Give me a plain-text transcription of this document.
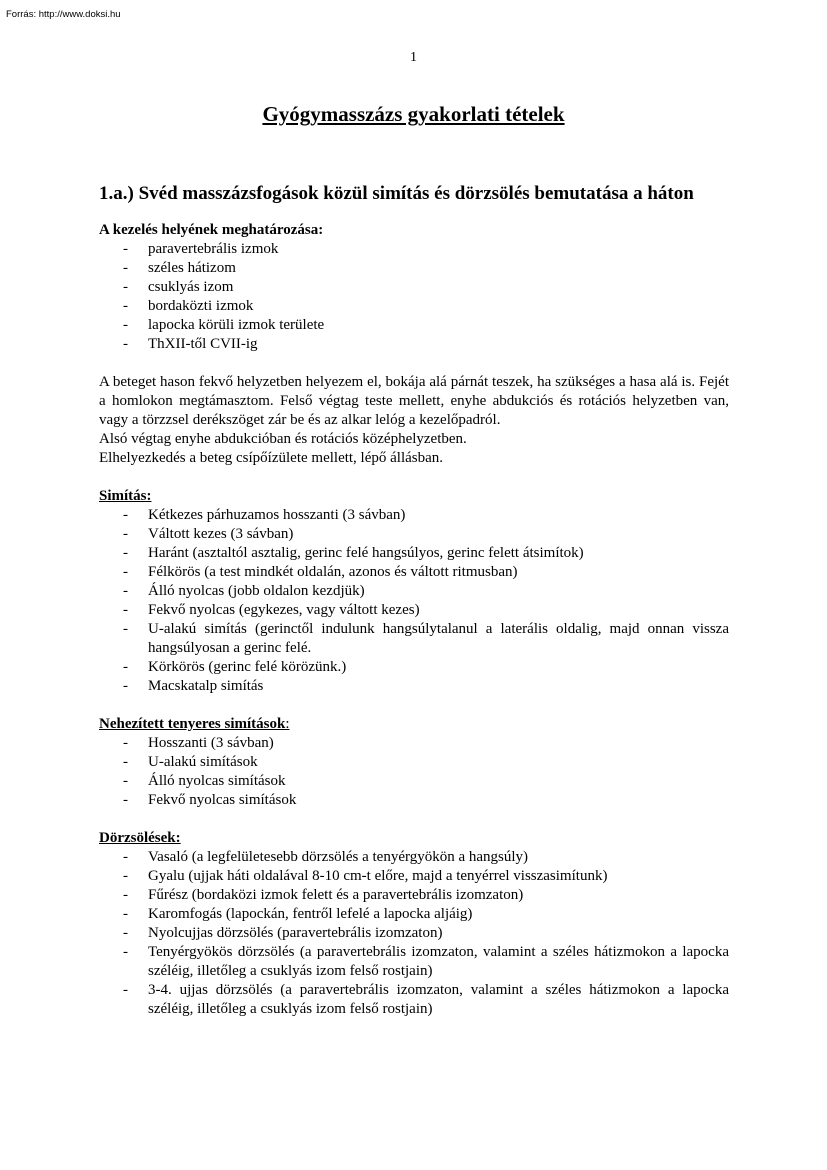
Forrás: http://www.doksi.hu
1
Gyógymasszázs gyakorlati tételek
1.a.) Svéd masszázsfogások közül simítás és dörzsölés bemutatása a háton
A kezelés helyének meghatározása:
- paravertebrális izmok
- széles hátizom
- csuklyás izom
- bordaközti izmok
- lapocka körüli izmok területe
- ThXII-től CVII-ig
A beteget hason fekvő helyzetben helyezem el, bokája alá párnát teszek, ha szükséges a hasa alá is. Fejét a homlokon megtámasztom. Felső végtag teste mellett, enyhe abdukciós és rotációs helyzetben van, vagy a törzzsel derékszöget zár be és az alkar lelóg a kezelőpadról.
Alsó végtag enyhe abdukcióban és rotációs középhelyzetben.
Elhelyezkedés a beteg csípőízülete mellett, lépő állásban.
Simítás:
- Kétkezes párhuzamos hosszanti (3 sávban)
- Váltott kezes (3 sávban)
- Haránt (asztaltól asztalig, gerinc felé hangsúlyos, gerinc felett átsimítok)
- Félkörös (a test mindkét oldalán, azonos és váltott ritmusban)
- Álló nyolcas (jobb oldalon kezdjük)
- Fekvő nyolcas (egykezes, vagy váltott kezes)
- U-alakú simítás (gerinctől indulunk hangsúlytalanul a laterális oldalig, majd onnan vissza hangsúlyosan a gerinc felé.
- Körkörös (gerinc felé körözünk.)
- Macskatalp simítás
Nehezített tenyeres simítások:
- Hosszanti (3 sávban)
- U-alakú simítások
- Álló nyolcas simítások
- Fekvő nyolcas simítások
Dörzsölések:
- Vasaló (a legfelületesebb dörzsölés a tenyérgyökön a hangsúly)
- Gyalu (ujjak háti oldalával 8-10 cm-t előre, majd a tenyérrel visszasimítunk)
- Fűrész (bordaközi izmok felett és a paravertebrális izomzaton)
- Karomfogás (lapockán, fentről lefelé a lapocka aljáig)
- Nyolcujjas dörzsölés (paravertebrális izomzaton)
- Tenyérgyökös dörzsölés (a paravertebrális izomzaton, valamint a széles hátizmokon a lapocka széléig, illetőleg a csuklyás izom felső rostjain)
- 3-4. ujjas dörzsölés (a paravertebrális izomzaton, valamint a széles hátizmokon a lapocka széléig, illetőleg a csuklyás izom felső rostjain)
